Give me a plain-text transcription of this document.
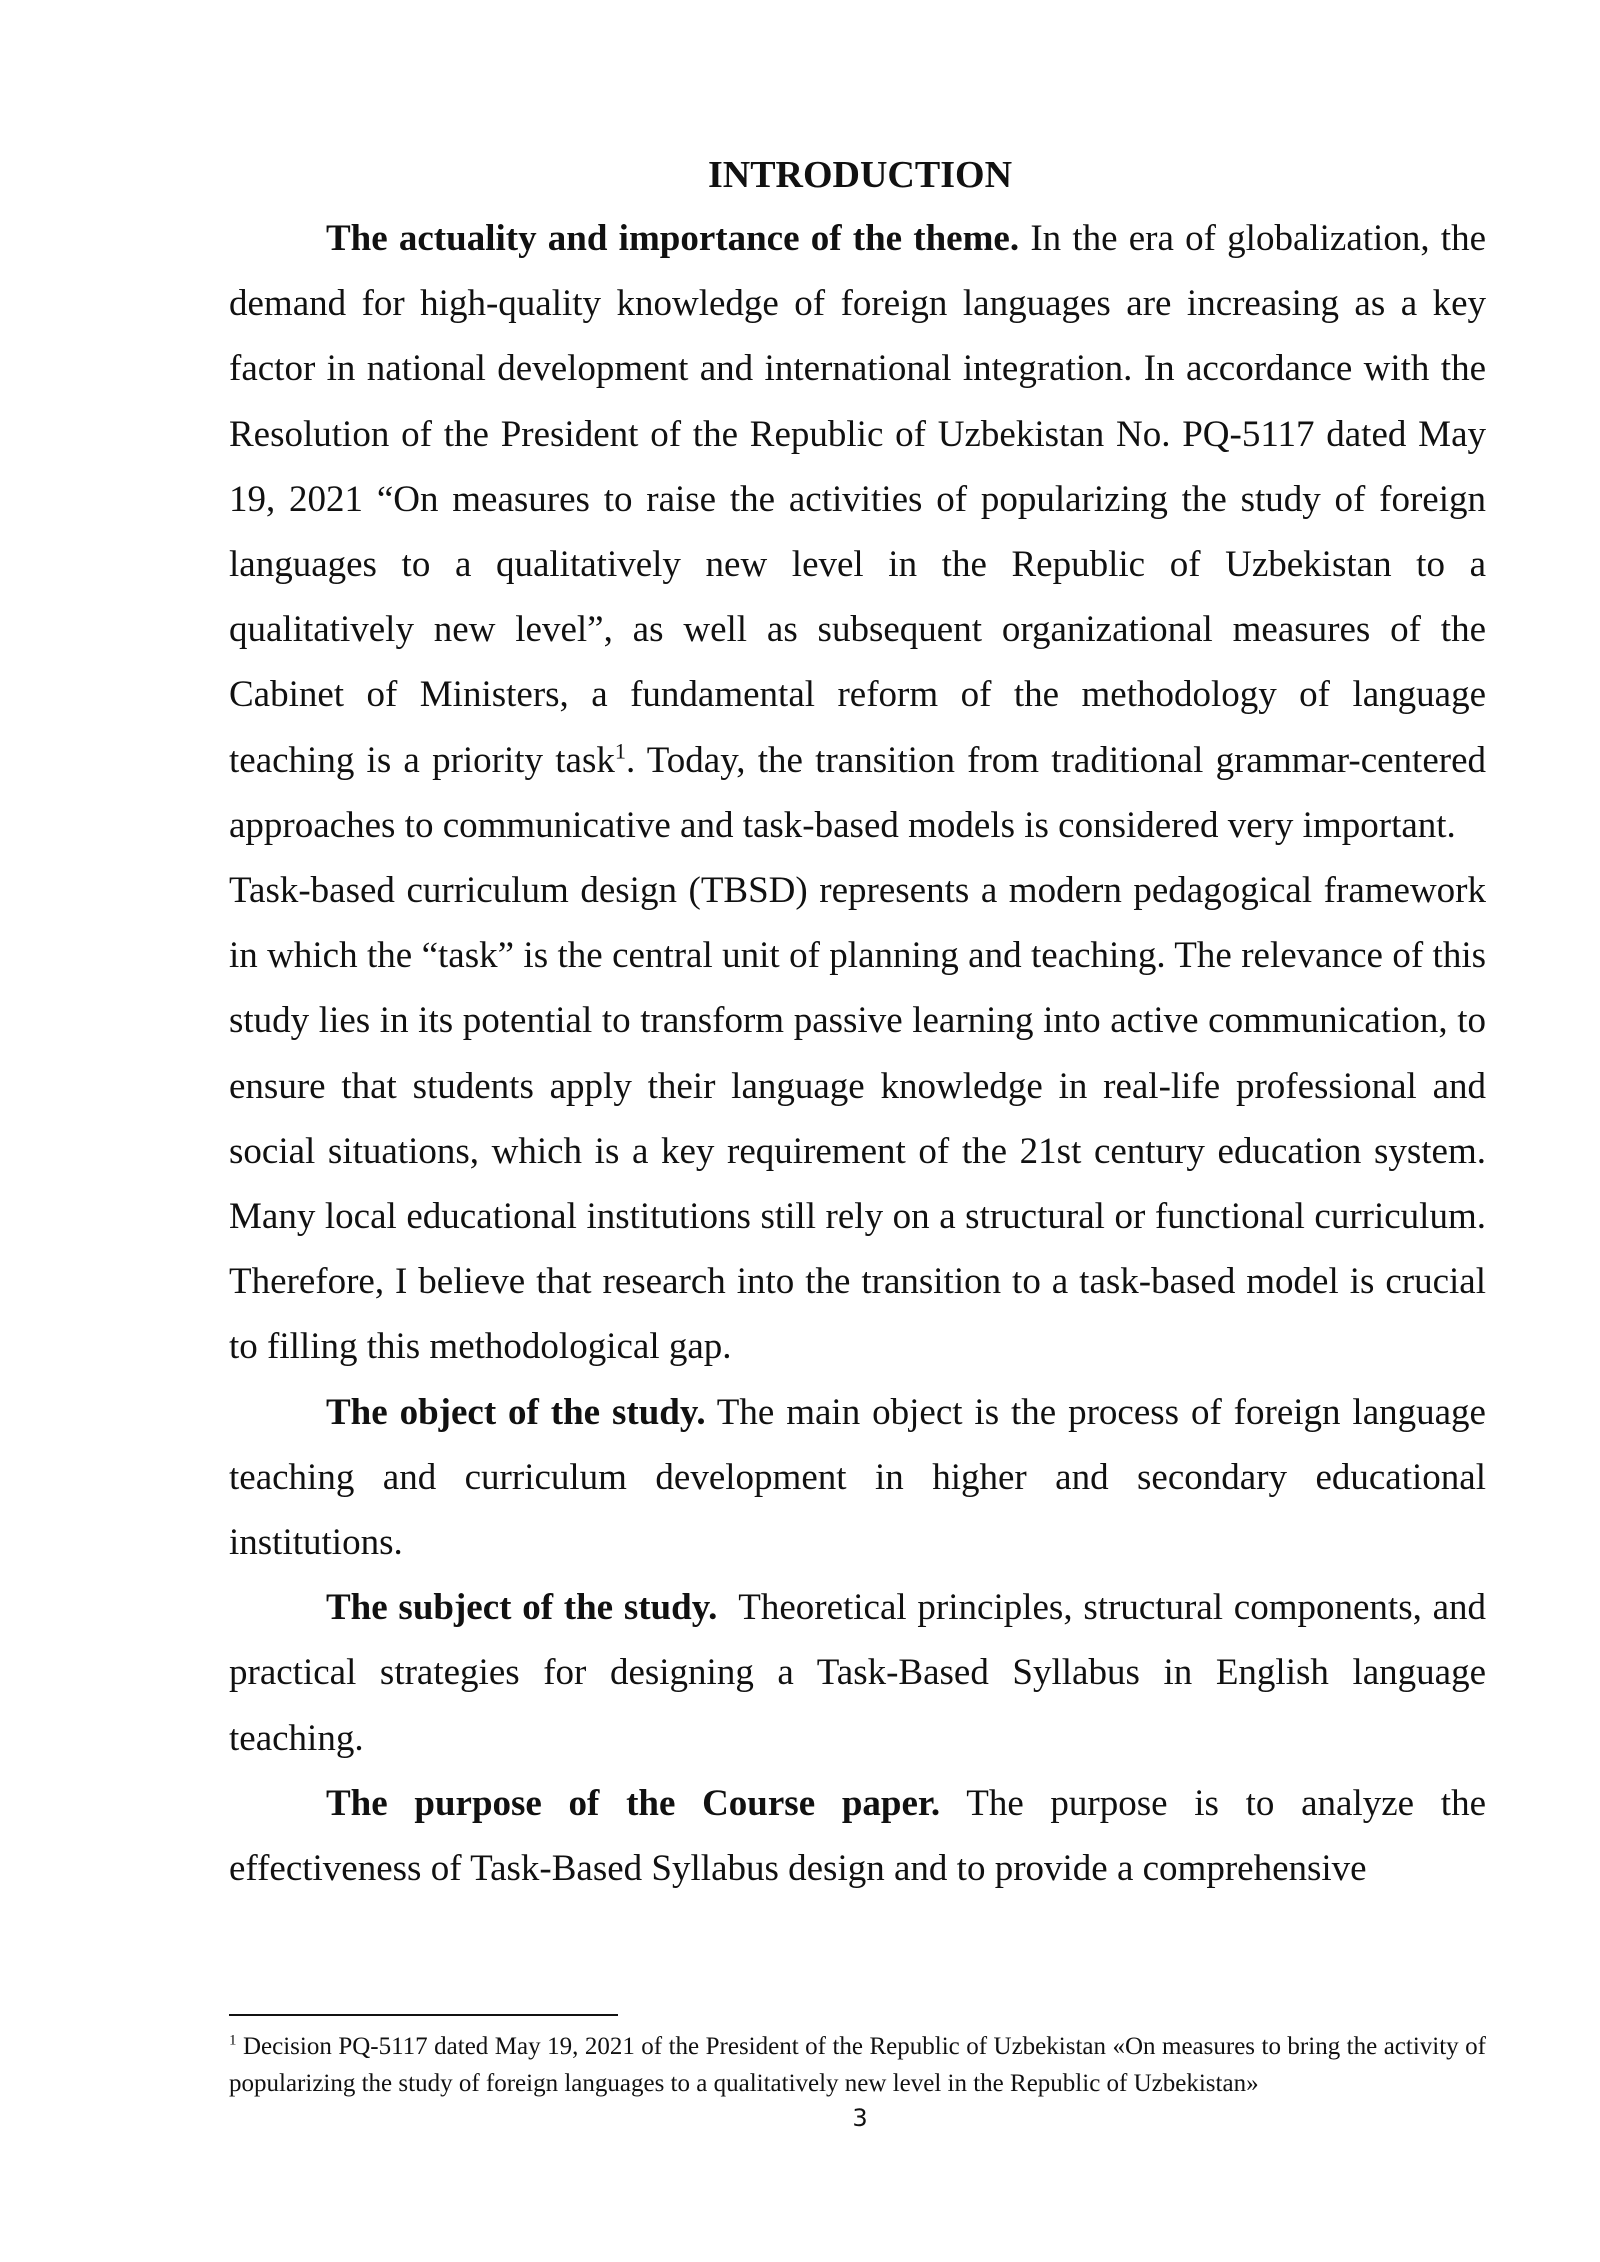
INTRODUCTION

The actuality and importance of the theme. In the era of globalization, the demand for high-quality knowledge of foreign languages are increasing as a key factor in national development and international integration. In accordance with the Resolution of the President of the Republic of Uzbekistan No. PQ-5117 dated May 19, 2021 “On measures to raise the activities of popularizing the study of foreign languages to a qualitatively new level in the Republic of Uzbekistan to a qualitatively new level”, as well as subsequent organizational measures of the Cabinet of Ministers, a fundamental reform of the methodology of language teaching is a priority task$^1$. Today, the transition from traditional grammar-centered approaches to communicative and task-based models is considered very important.

Task-based curriculum design (TBSD) represents a modern pedagogical framework in which the “task” is the central unit of planning and teaching. The relevance of this study lies in its potential to transform passive learning into active communication, to ensure that students apply their language knowledge in real-life professional and social situations, which is a key requirement of the 21st century education system. Many local educational institutions still rely on a structural or functional curriculum. Therefore, I believe that research into the transition to a task-based model is crucial to filling this methodological gap.

The object of the study. The main object is the process of foreign language teaching and curriculum development in higher and secondary educational institutions.

The subject of the study.  Theoretical principles, structural components, and practical strategies for designing a Task-Based Syllabus in English language teaching.

The purpose of the Course paper. The purpose is to analyze the effectiveness of Task-Based Syllabus design and to provide a comprehensive

$^1$ Decision PQ-5117 dated May 19, 2021 of the President of the Republic of Uzbekistan «On measures to bring the activity of popularizing the study of foreign languages to a qualitatively new level in the Republic of Uzbekistan»

3
